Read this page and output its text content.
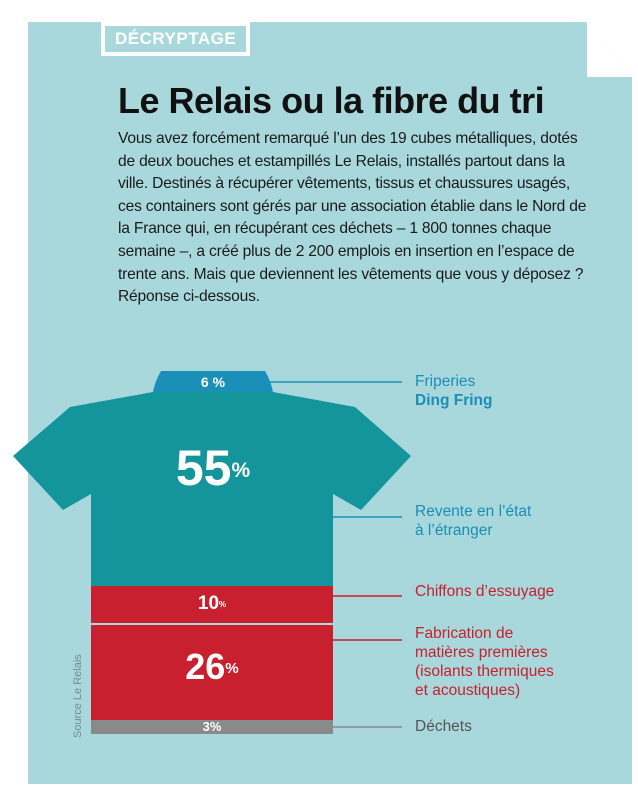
DÉCRYPTAGE
Le Relais ou la fibre du tri
Vous avez forcément remarqué l’un des 19 cubes métalliques, dotés de deux bouches et estampillés Le Relais, installés partout dans la ville. Destinés à récupérer vêtements, tissus et chaussures usagés, ces containers sont gérés par une association établie dans le Nord de la France qui, en récupérant ces déchets – 1 800 tonnes chaque semaine –, a créé plus de 2 200 emplois en insertion en l’espace de trente ans. Mais que deviennent les vêtements que vous y déposez ? Réponse ci-dessous.
Source Le Relais
6 %
55%
10%
26%
3%
Friperies
Ding Fring
Revente en l’état
à l’étranger
Chiffons d’essuyage
Fabrication de
matières premières
(isolants thermiques
et acoustiques)
Déchets
